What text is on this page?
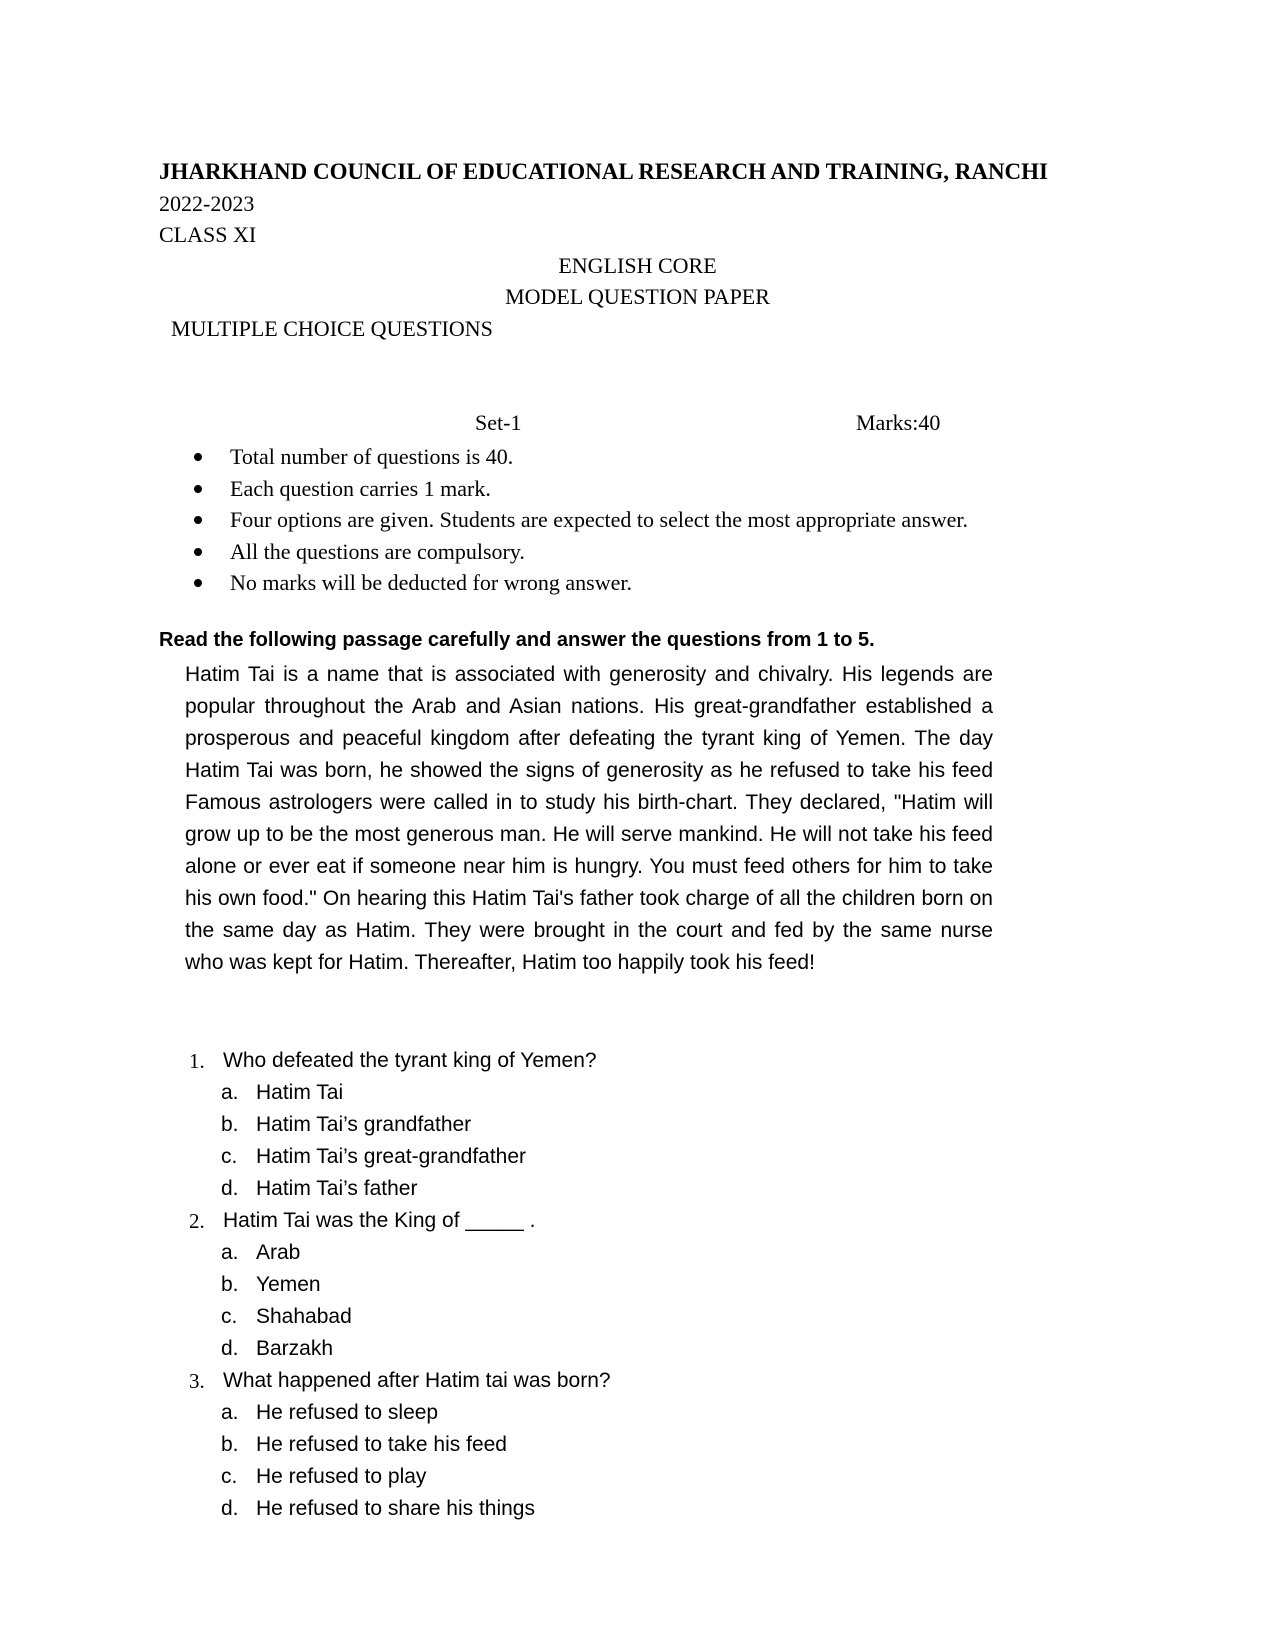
JHARKHAND COUNCIL OF EDUCATIONAL RESEARCH AND TRAINING, RANCHI
2022-2023
CLASS XI
ENGLISH CORE
MODEL QUESTION PAPER
MULTIPLE CHOICE QUESTIONS
Set-1	Marks:40
Total number of questions is 40.
Each question carries 1 mark.
Four options are given. Students are expected to select the most appropriate answer.
All the questions are compulsory.
No marks will be deducted for wrong answer.
Read the following passage carefully and answer the questions from 1 to 5.
Hatim Tai is a name that is associated with generosity and chivalry. His legends are popular throughout the Arab and Asian nations. His great-grandfather established a prosperous and peaceful kingdom after defeating the tyrant king of Yemen. The day Hatim Tai was born, he showed the signs of generosity as he refused to take his feed Famous astrologers were called in to study his birth-chart. They declared, "Hatim will grow up to be the most generous man. He will serve mankind. He will not take his feed alone or ever eat if someone near him is hungry. You must feed others for him to take his own food." On hearing this Hatim Tai's father took charge of all the children born on the same day as Hatim. They were brought in the court and fed by the same nurse who was kept for Hatim. Thereafter, Hatim too happily took his feed!
1. Who defeated the tyrant king of Yemen?
a. Hatim Tai
b. Hatim Tai’s grandfather
c. Hatim Tai’s great-grandfather
d. Hatim Tai’s father
2. Hatim Tai was the King of _____ .
a. Arab
b. Yemen
c. Shahabad
d. Barzakh
3. What happened after Hatim tai was born?
a. He refused to sleep
b. He refused to take his feed
c. He refused to play
d. He refused to share his things
